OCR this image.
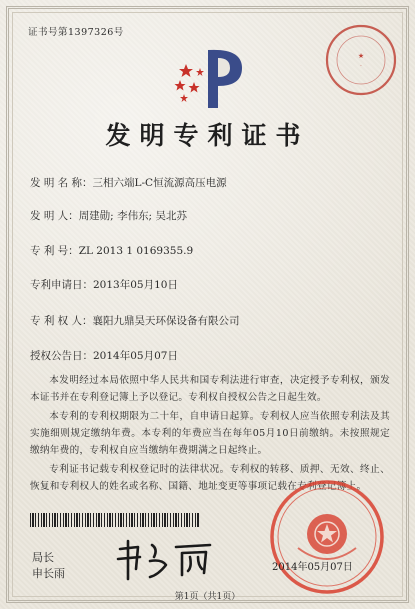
证书号第1397326号
★
·
发明专利证书
发 明 名 称：三相六端L-C恒流源高压电源
发 明 人：周建勋; 李伟东; 吴北苏
专 利 号：ZL 2013 1 0169355.9
专利申请日：2013年05月10日
专 利 权 人：襄阳九鼎昊天环保设备有限公司
授权公告日：2014年05月07日
本发明经过本局依照中华人民共和国专利法进行审查，决定授予专利权，颁发本证书并在专利登记簿上予以登记。专利权自授权公告之日起生效。
本专利的专利权期限为二十年，自申请日起算。专利权人应当依照专利法及其实施细则规定缴纳年费。本专利的年费应当在每年05月10日前缴纳。未按照规定缴纳年费的，专利权自应当缴纳年费期满之日起终止。
专利证书记载专利权登记时的法律状况。专利权的转移、质押、无效、终止、恢复和专利权人的姓名或名称、国籍、地址变更等事项记载在专利登记簿上。
局长
申长雨	2014年05月07日
第1页（共1页）
